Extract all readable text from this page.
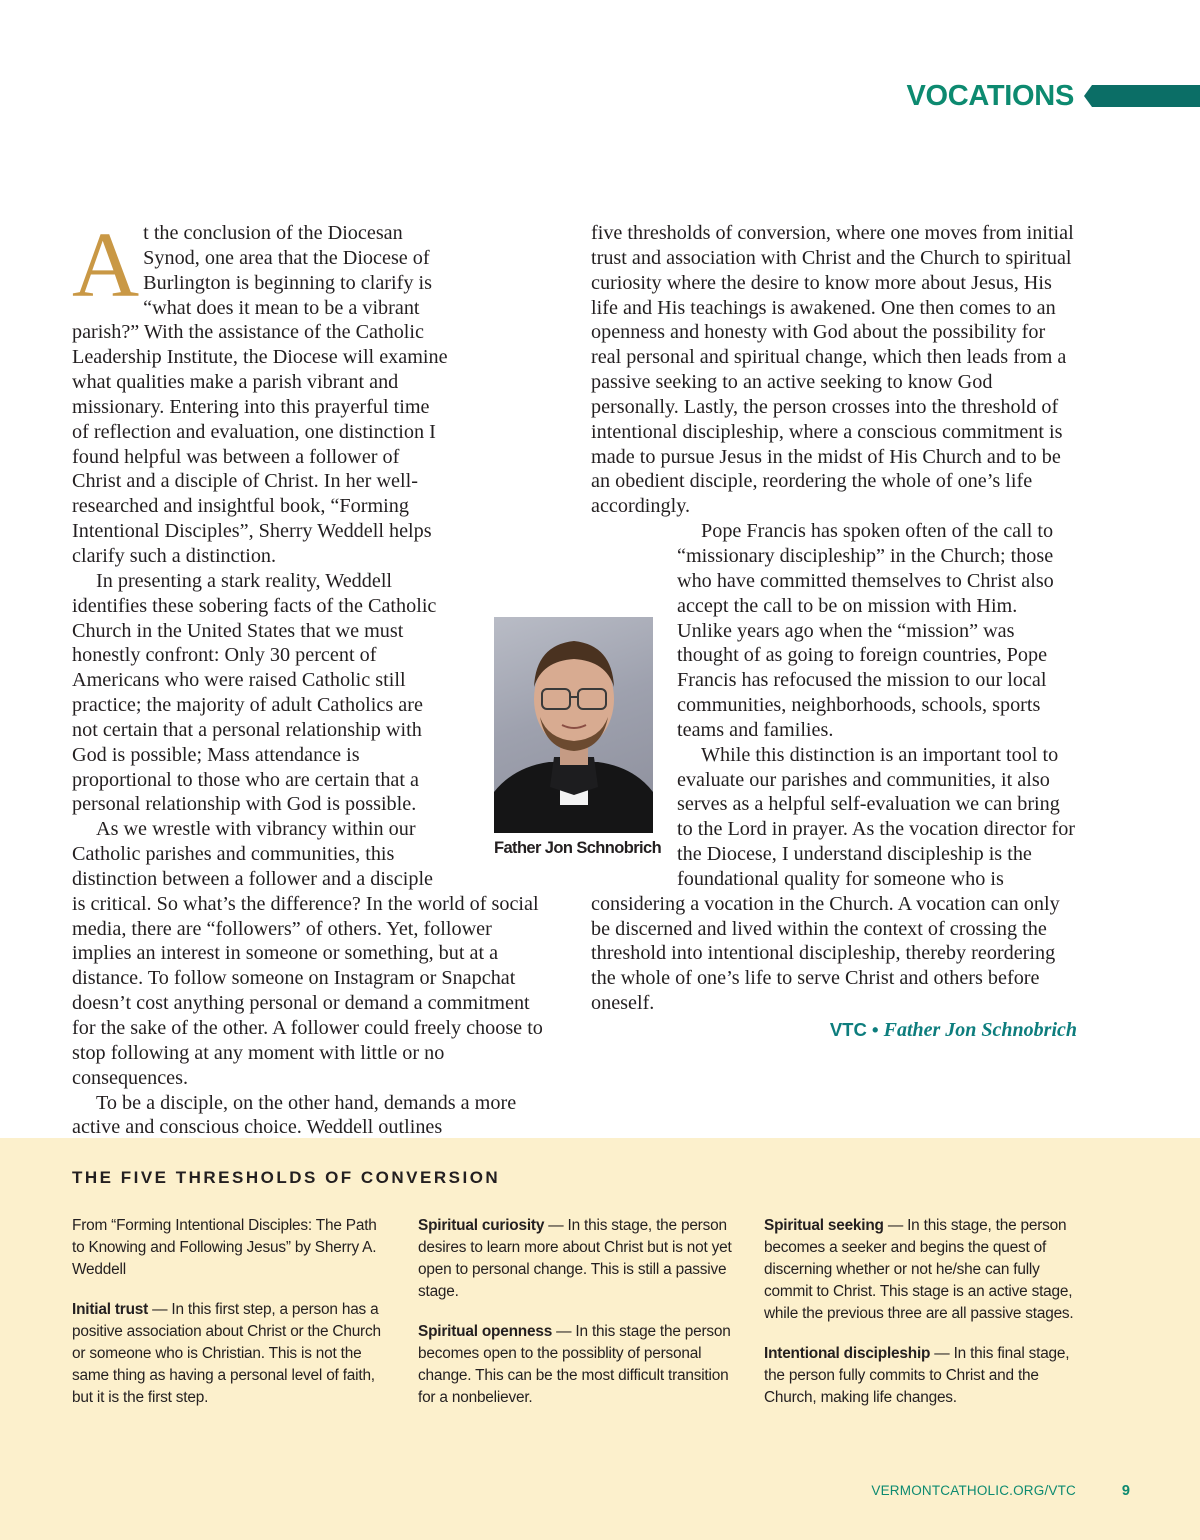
VOCATIONS

At the conclusion of the Diocesan Synod, one area that the Diocese of Burlington is beginning to clarify is “what does it mean to be a vibrant parish?” With the assistance of the Catholic Leadership Institute, the Diocese will examine what qualities make a parish vibrant and missionary. Entering into this prayerful time of reflection and evaluation, one distinction I found helpful was between a follower of Christ and a disciple of Christ. In her well-researched and insightful book, “Forming Intentional Disciples”, Sherry Weddell helps clarify such a distinction.

In presenting a stark reality, Weddell identifies these sobering facts of the Catholic Church in the United States that we must honestly confront: Only 30 percent of Americans who were raised Catholic still practice; the majority of adult Catholics are not certain that a personal relationship with God is possible; Mass attendance is proportional to those who are certain that a personal relationship with God is possible.

As we wrestle with vibrancy within our Catholic parishes and communities, this distinction between a follower and a disciple is critical. So what’s the difference? In the world of social media, there are “followers” of others. Yet, follower implies an interest in someone or something, but at a distance. To follow someone on Instagram or Snapchat doesn’t cost anything personal or demand a commitment for the sake of the other. A follower could freely choose to stop following at any moment with little or no consequences.

To be a disciple, on the other hand, demands a more active and conscious choice. Weddell outlines

Father Jon Schnobrich

five thresholds of conversion, where one moves from initial trust and association with Christ and the Church to spiritual curiosity where the desire to know more about Jesus, His life and His teachings is awakened. One then comes to an openness and honesty with God about the possibility for real personal and spiritual change, which then leads from a passive seeking to an active seeking to know God personally. Lastly, the person crosses into the threshold of intentional discipleship, where a conscious commitment is made to pursue Jesus in the midst of His Church and to be an obedient disciple, reordering the whole of one’s life accordingly.

Pope Francis has spoken often of the call to “missionary discipleship” in the Church; those who have committed themselves to Christ also accept the call to be on mission with Him. Unlike years ago when the “mission” was thought of as going to foreign countries, Pope Francis has refocused the mission to our local communities, neighborhoods, schools, sports teams and families.

While this distinction is an important tool to evaluate our parishes and communities, it also serves as a helpful self-evaluation we can bring to the Lord in prayer. As the vocation director for the Diocese, I understand discipleship is the foundational quality for someone who is considering a vocation in the Church. A vocation can only be discerned and lived within the context of crossing the threshold into intentional discipleship, thereby reordering the whole of one’s life to serve Christ and others before oneself.

VTC • Father Jon Schnobrich
THE FIVE THRESHOLDS OF CONVERSION

From “Forming Intentional Disciples: The Path to Knowing and Following Jesus” by Sherry A. Weddell

Initial trust — In this first step, a person has a positive association about Christ or the Church or someone who is Christian. This is not the same thing as having a personal level of faith, but it is the first step.

Spiritual curiosity — In this stage, the person desires to learn more about Christ but is not yet open to personal change. This is still a passive stage.

Spiritual openness — In this stage the person becomes open to the possiblity of personal change. This can be the most difficult transition for a nonbeliever.

Spiritual seeking — In this stage, the person becomes a seeker and begins the quest of discerning whether or not he/she can fully commit to Christ. This stage is an active stage, while the previous three are all passive stages.

Intentional discipleship — In this final stage, the person fully commits to Christ and the Church, making life changes.

VERMONTCATHOLIC.ORG/VTC	9
